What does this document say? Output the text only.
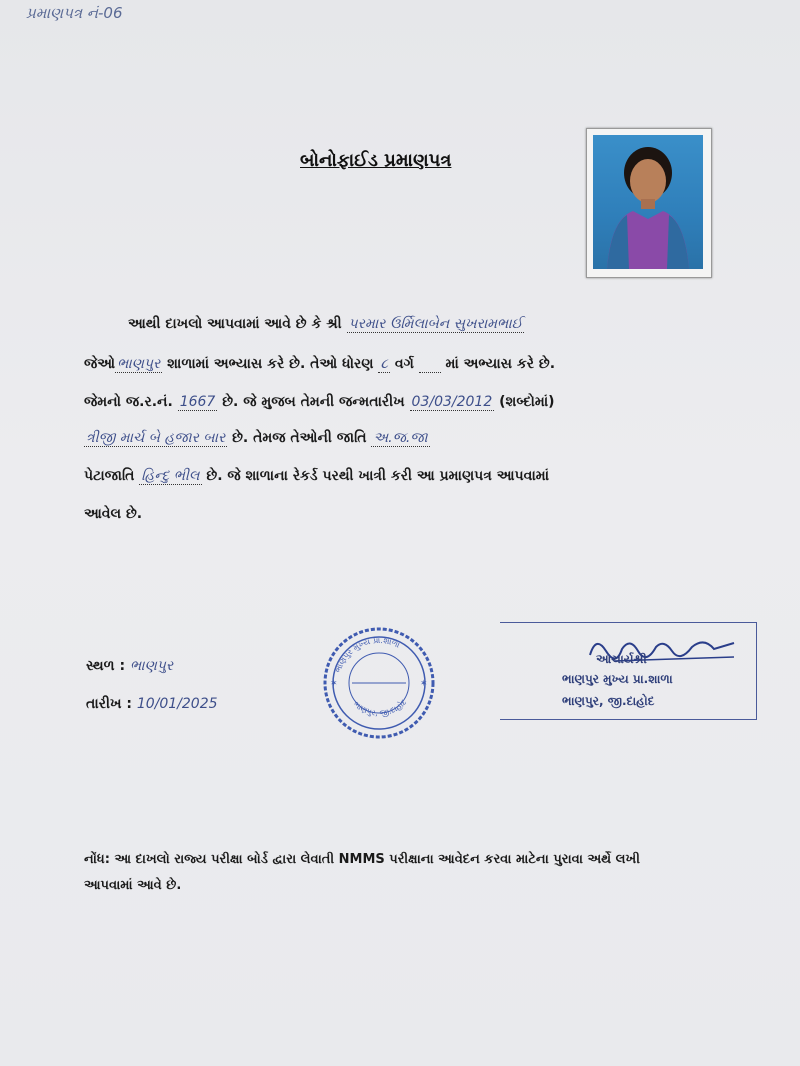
પ્રમાણપત્ર નં-06
બોનોફાઈડ પ્રમાણપત્ર
આથી દાખલો આપવામાં આવે છે કે શ્રી પરમાર ઉર્મિલાબેન સુખરામભાઈ
જેઓ ભાણપુર શાળામાં અભ્યાસ કરે છે. તેઓ ધોરણ ૮ વર્ગ માં અભ્યાસ કરે છે.
જેમનો જ.ર.નં. 1667 છે. જે મુજબ તેમની જન્મતારીખ 03/03/2012 (શબ્દોમાં)
ત્રીજી માર્ચ બે હજાર બાર છે. તેમજ તેઓની જાતિ અ.જ.જા
પેટાજાતિ હિન્દુ ભીલ છે. જે શાળાના રેકર્ડ પરથી ખાત્રી કરી આ પ્રમાણપત્ર આપવામાં
આવેલ છે.
સ્થળ : ભાણપુર
તારીખ : 10/01/2025
ભાણપુર મુખ્ય પ્રા.શાળા
ભાણપુર, જી.દાહોદ
✶	✶
આચાર્યશ્રી
ભાણપુર મુખ્ય પ્રા.શાળા
ભાણપુર, જી.દાહોદ
નોંધ: આ દાખલો રાજ્ય પરીક્ષા બોર્ડ દ્વારા લેવાતી NMMS પરીક્ષાના આવેદન કરવા માટેના પુરાવા અર્થે લખી
આપવામાં આવે છે.
